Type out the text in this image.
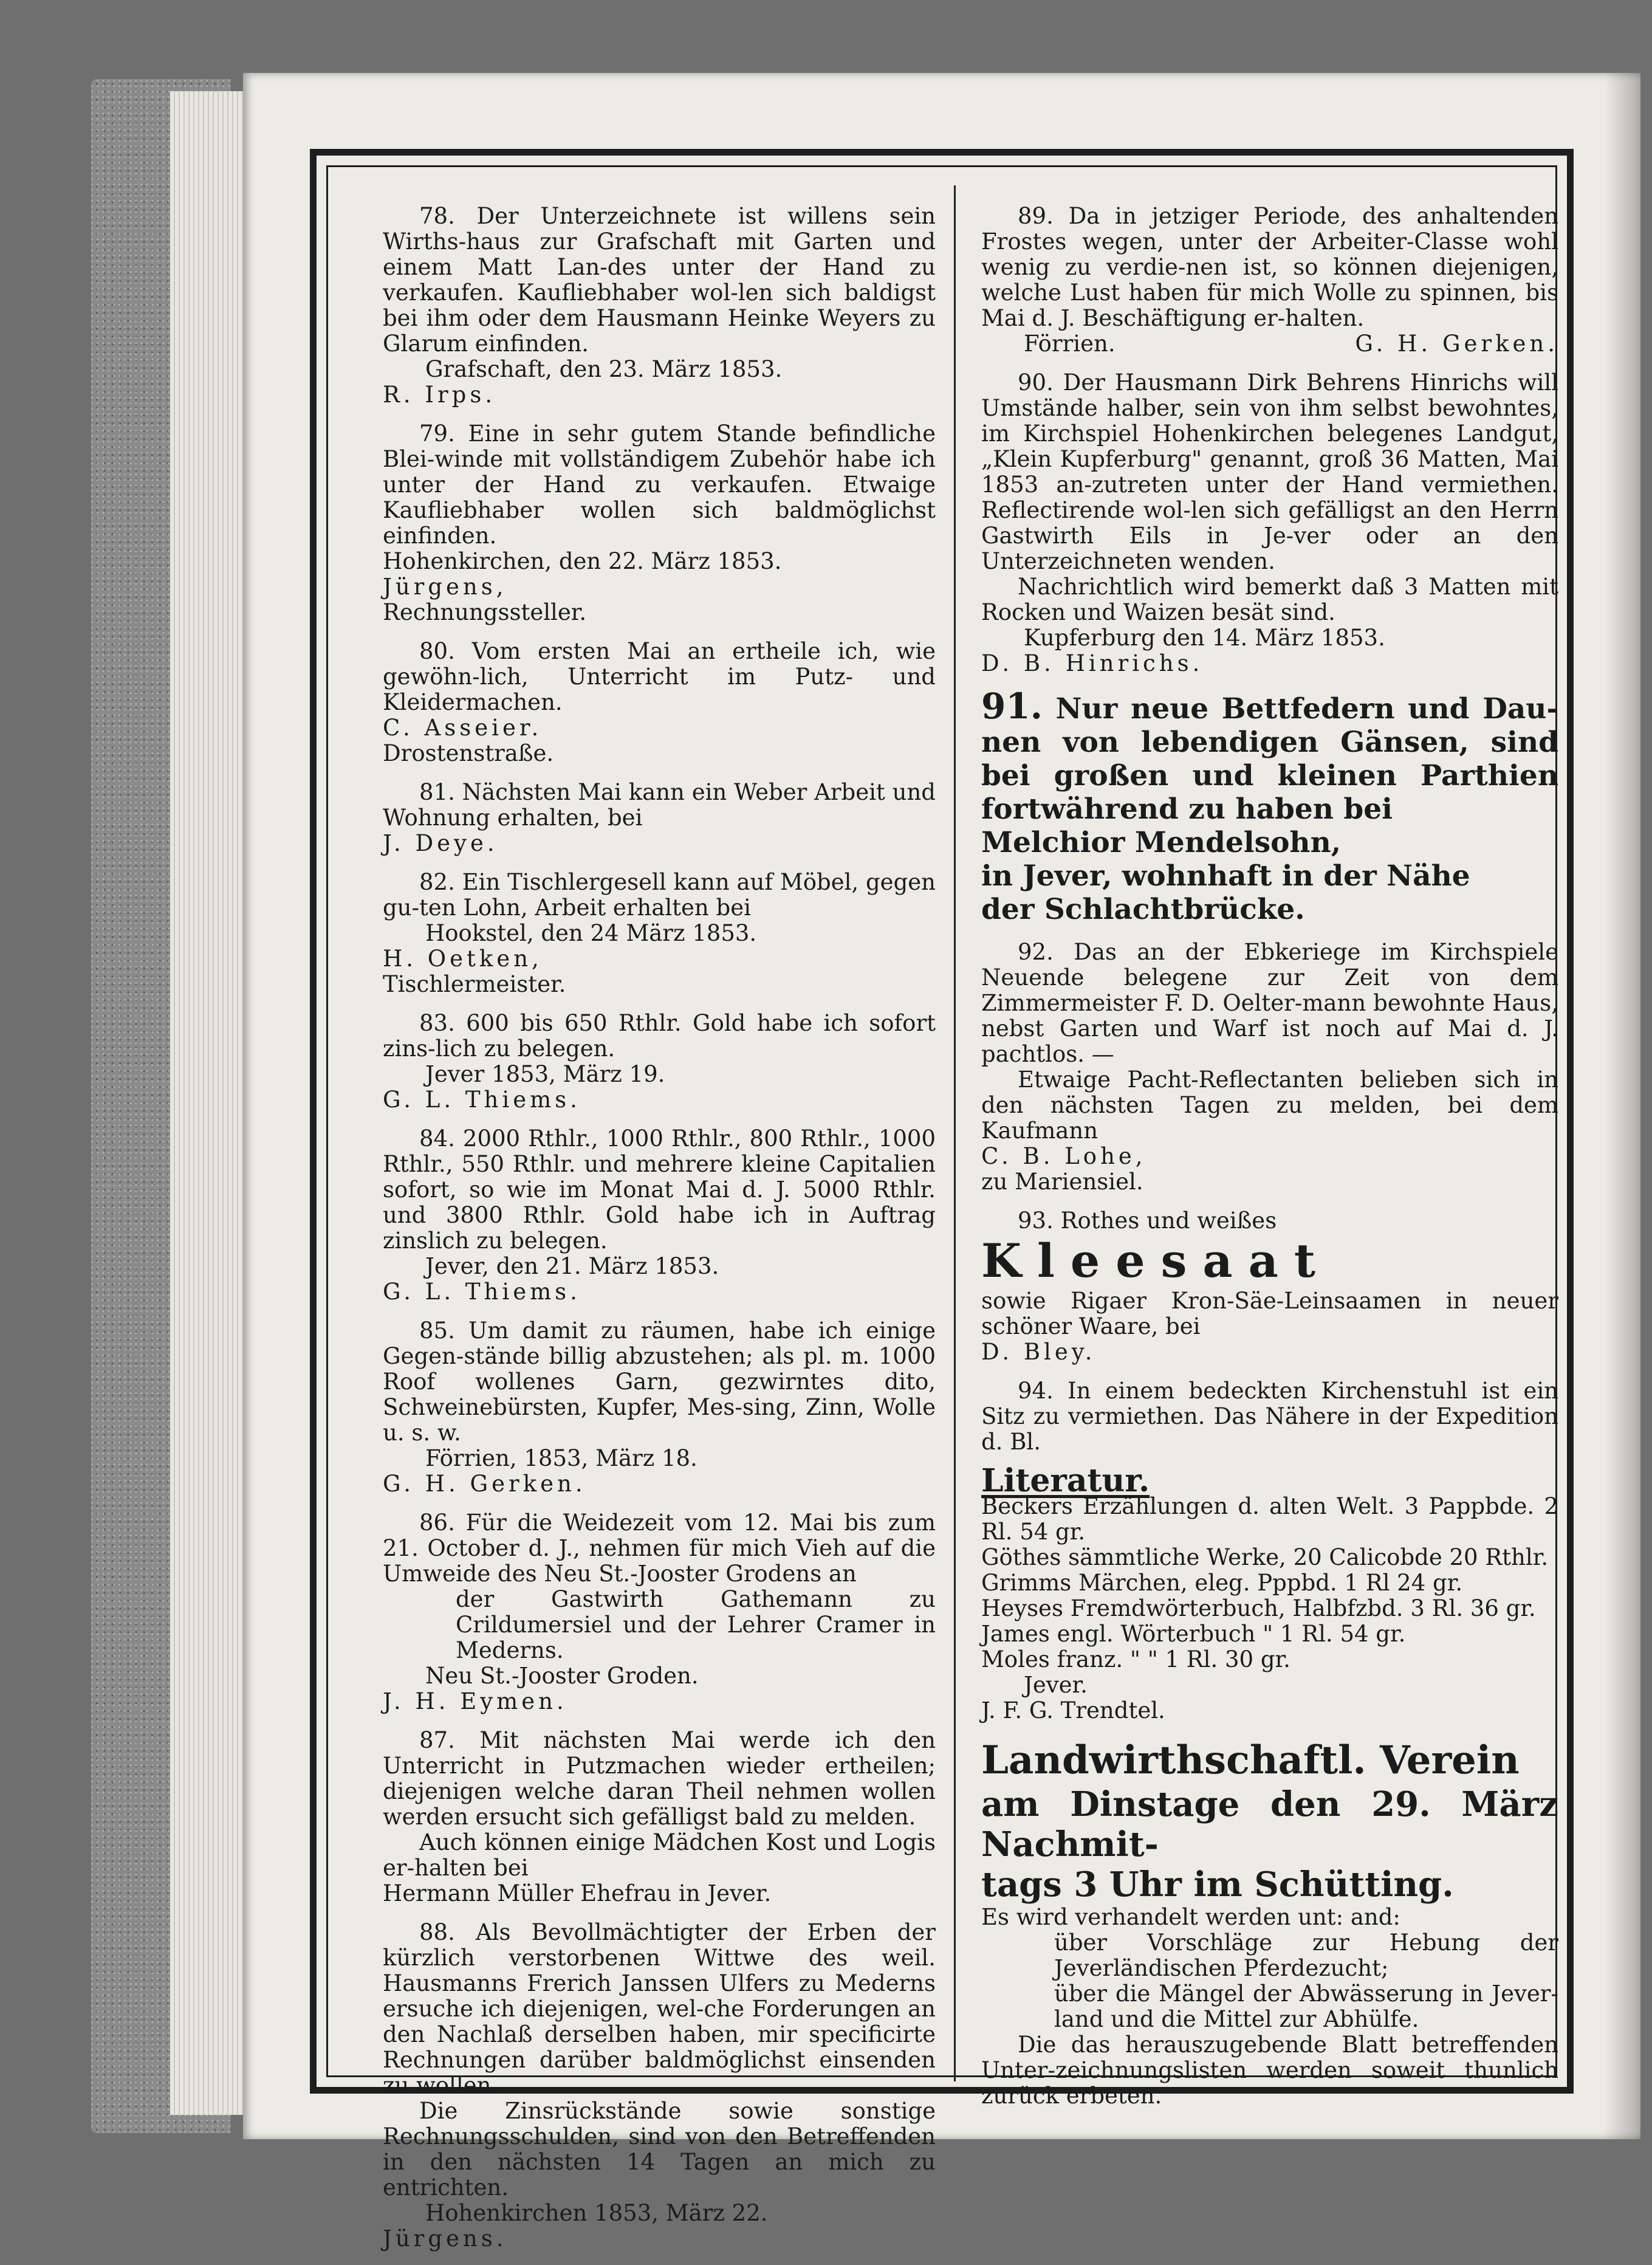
78. Der Unterzeichnete ist willens sein Wirths-haus zur Grafschaft mit Garten und einem Matt Lan-des unter der Hand zu verkaufen. Kaufliebhaber wol-len sich baldigst bei ihm oder dem Hausmann Heinke Weyers zu Glarum einfinden.

Grafschaft, den 23. März 1853.

R. Irps.

79. Eine in sehr gutem Stande befindliche Blei-winde mit vollständigem Zubehör habe ich unter der Hand zu verkaufen. Etwaige Kaufliebhaber wollen sich baldmöglichst einfinden.

Hohenkirchen, den 22. März 1853.

Jürgens,

Rechnungssteller.

80. Vom ersten Mai an ertheile ich, wie gewöhn-lich, Unterricht im Putz- und Kleidermachen.

C. Asseier.

Drostenstraße.

81. Nächsten Mai kann ein Weber Arbeit und Wohnung erhalten, bei

J. Deye.

82. Ein Tischlergesell kann auf Möbel, gegen gu-ten Lohn, Arbeit erhalten bei

Hookstel, den 24 März 1853.

H. Oetken,

Tischlermeister.

83. 600 bis 650 Rthlr. Gold habe ich sofort zins-lich zu belegen.

Jever 1853, März 19.

G. L. Thiems.

84. 2000 Rthlr., 1000 Rthlr., 800 Rthlr., 1000 Rthlr., 550 Rthlr. und mehrere kleine Capitalien sofort, so wie im Monat Mai d. J. 5000 Rthlr. und 3800 Rthlr. Gold habe ich in Auftrag zinslich zu belegen.

Jever, den 21. März 1853.

G. L. Thiems.

85. Um damit zu räumen, habe ich einige Gegen-stände billig abzustehen; als pl. m. 1000 Roof wollenes Garn, gezwirntes dito, Schweinebürsten, Kupfer, Mes-sing, Zinn, Wolle u. s. w.

Förrien, 1853, März 18.

G. H. Gerken.

86. Für die Weidezeit vom 12. Mai bis zum 21. October d. J., nehmen für mich Vieh auf die Umweide des Neu St.-Jooster Grodens an

der Gastwirth Gathemann zu Crildumersiel und der Lehrer Cramer in Mederns.

Neu St.-Jooster Groden.

J. H. Eymen.

87. Mit nächsten Mai werde ich den Unterricht in Putzmachen wieder ertheilen; diejenigen welche daran Theil nehmen wollen werden ersucht sich gefälligst bald zu melden.

Auch können einige Mädchen Kost und Logis er-halten bei

Hermann Müller Ehefrau in Jever.

88. Als Bevollmächtigter der Erben der kürzlich verstorbenen Wittwe des weil. Hausmanns Frerich Janssen Ulfers zu Mederns ersuche ich diejenigen, wel-che Forderungen an den Nachlaß derselben haben, mir specificirte Rechnungen darüber baldmöglichst einsenden zu wollen.

Die Zinsrückstände sowie sonstige Rechnungsschulden, sind von den Betreffenden in den nächsten 14 Tagen an mich zu entrichten.

Hohenkirchen 1853, März 22.

Jürgens.

89. Da in jetziger Periode, des anhaltenden Frostes wegen, unter der Arbeiter-Classe wohl wenig zu verdie-nen ist, so können diejenigen, welche Lust haben für mich Wolle zu spinnen, bis Mai d. J. Beschäftigung er-halten.

Förrien.	G. H. Gerken.

90. Der Hausmann Dirk Behrens Hinrichs will Umstände halber, sein von ihm selbst bewohntes, im Kirchspiel Hohenkirchen belegenes Landgut, „Klein Kupferburg" genannt, groß 36 Matten, Mai 1853 an-zutreten unter der Hand vermiethen. Reflectirende wol-len sich gefälligst an den Herrn Gastwirth Eils in Je-ver oder an den Unterzeichneten wenden.

Nachrichtlich wird bemerkt daß 3 Matten mit Rocken und Waizen besät sind.

Kupferburg den 14. März 1853.

D. B. Hinrichs.

91. Nur neue Bettfedern und Dau-nen von lebendigen Gänsen, sind bei großen und kleinen Parthien fortwährend zu haben bei

Melchior Mendelsohn,

in Jever, wohnhaft in der Nähe

der Schlachtbrücke.

92. Das an der Ebkeriege im Kirchspiele Neuende belegene zur Zeit von dem Zimmermeister F. D. Oelter-mann bewohnte Haus, nebst Garten und Warf ist noch auf Mai d. J. pachtlos. —

Etwaige Pacht-Reflectanten belieben sich in den nächsten Tagen zu melden, bei dem Kaufmann

C. B. Lohe,

zu Mariensiel.

93. Rothes und weißes

Kleesaat

sowie Rigaer Kron-Säe-Leinsaamen in neuer schöner Waare, bei

D. Bley.

94. In einem bedeckten Kirchenstuhl ist ein Sitz zu vermiethen. Das Nähere in der Expedition d. Bl.

Literatur.

Beckers Erzählungen d. alten Welt. 3 Pappbde. 2 Rl. 54 gr.

Göthes sämmtliche Werke, 20 Calicobde 20 Rthlr.

Grimms Märchen, eleg. Pppbd. 1 Rl 24 gr.

Heyses Fremdwörterbuch, Halbfzbd. 3 Rl. 36 gr.

James engl. Wörterbuch " 1 Rl. 54 gr.

Moles franz. " " 1 Rl. 30 gr.

Jever.

J. F. G. Trendtel.

Landwirthschaftl. Verein

am Dinstage den 29. März Nachmit-

tags 3 Uhr im Schütting.

Es wird verhandelt werden unt: and:

über Vorschläge zur Hebung der Jeverländischen Pferdezucht;

über die Mängel der Abwässerung in Jever-land und die Mittel zur Abhülfe.

Die das herauszugebende Blatt betreffenden Unter-zeichnungslisten werden soweit thunlich zurück erbeten.
